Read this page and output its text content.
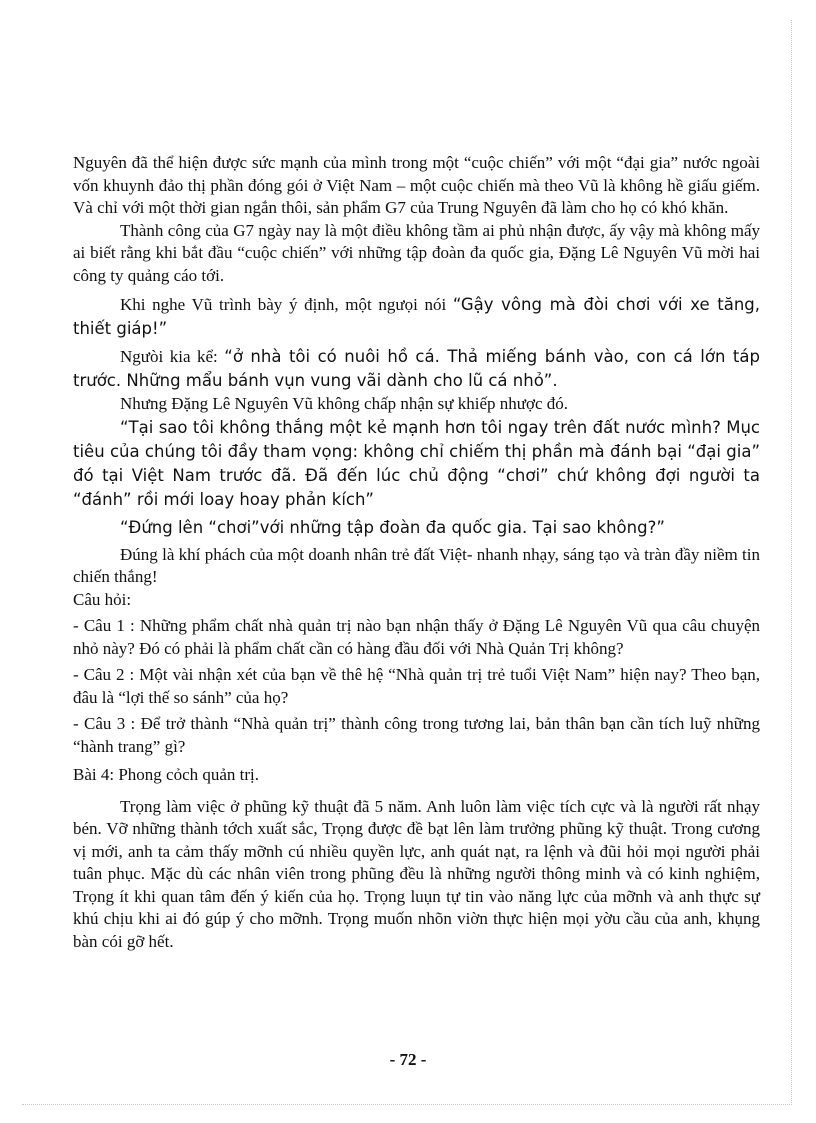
Nguyên đã thể hiện được sức mạnh của mình trong một “cuộc chiến” với một “đại gia” nước ngoài vốn khuynh đảo thị phần đóng gói ở Việt Nam – một cuộc chiến mà theo Vũ là không hề giấu giếm. Và chỉ với một thời gian ngắn thôi, sản phẩm G7 của Trung Nguyên đã làm cho họ có khó khăn.

Thành công của G7 ngày nay là một điều không tầm ai phủ nhận được, ấy vậy mà không mấy ai biết rằng khi bắt đầu “cuộc chiến” với những tập đoàn đa quốc gia, Đặng Lê Nguyên Vũ mời hai công ty quảng cáo tới.

Khi nghe Vũ trình bày ý định, một ngưọi nói “Gậy vông mà đòi chơi với xe tăng, thiết giáp!”

Ngưòi kia kể: “ở nhà tôi có nuôi hồ cá. Thả miếng bánh vào, con cá lớn táp trước. Những mẩu bánh vụn vung vãi dành cho lũ cá nhỏ”.

Nhưng Đặng Lê Nguyên Vũ không chấp nhận sự khiếp nhược đó.

“Tại sao tôi không thắng một kẻ mạnh hơn tôi ngay trên đất nước mình? Mục tiêu của chúng tôi đầy tham vọng: không chỉ chiếm thị phần mà đánh bại “đại gia” đó tại Việt Nam trước đã. Đã đến lúc chủ động “chơi” chứ không đợi người ta “đánh” rồi mới loay hoay phản kích”

“Đứng lên “chơi”với những tập đoàn đa quốc gia. Tại sao không?”

Đúng là khí phách của một doanh nhân trẻ đất Việt- nhanh nhạy, sáng tạo và tràn đầy niềm tin chiến thắng!

Câu hỏi:

- Câu 1 : Những phẩm chất nhà quản trị nào bạn nhận thấy ở Đặng Lê Nguyên Vũ qua câu chuyện nhỏ này? Đó có phải là phẩm chất cần có hàng đầu đối với Nhà Quản Trị không?

- Câu 2 : Một vài nhận xét của bạn về thê hệ “Nhà quản trị trẻ tuổi Việt Nam” hiện nay? Theo bạn, đâu là “lợi thế so sánh” của họ?

- Câu 3 : Để trở thành “Nhà quản trị” thành công trong tương lai, bản thân bạn cần tích luỹ những “hành trang” gì?

Bài 4: Phong cỏch quản trị.

Trọng làm việc ở phũng kỹ thuật đã 5 năm. Anh luôn làm việc tích cực và là người rất nhạy bén. Vỡ những thành tớch xuất sắc, Trọng được đề bạt lên làm trưởng phũng kỹ thuật. Trong cương vị mới, anh ta cảm thấy mỡnh cú nhiều quyền lực, anh quát nạt, ra lệnh và đũi hỏi mọi người phải tuân phục. Mặc dù các nhân viên trong phũng đều là những người thông minh và có kinh nghiệm, Trọng ít khi quan tâm đến ý kiến của họ. Trọng luụn tự tin vào năng lực của mỡnh và anh thực sự khú chịu khi ai đó gúp ý cho mỡnh. Trọng muốn nhõn viờn thực hiện mọi yờu cầu của anh, khụng bàn cói gỡ hết.

- 72 -
